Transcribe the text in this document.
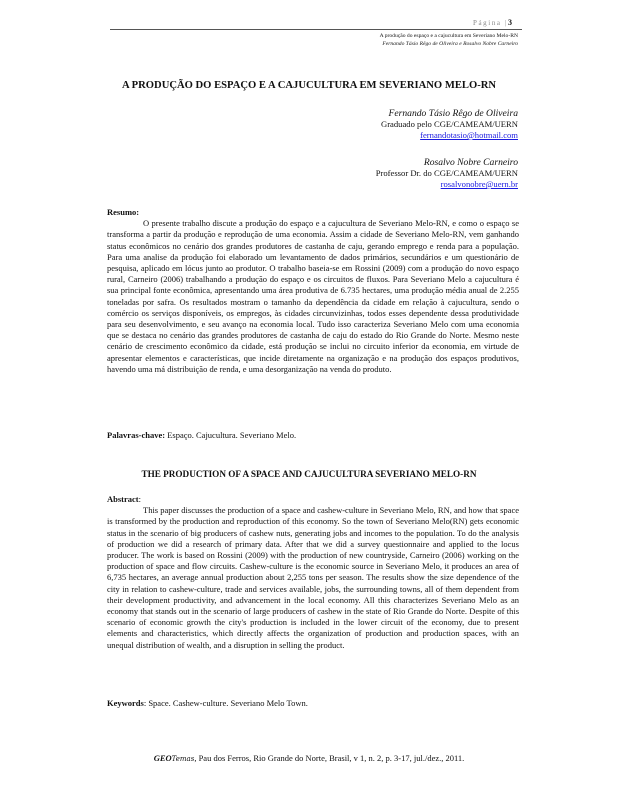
Página |3
A produção do espaço e a cajucultura em Severiano Melo-RN
Fernando Tásio Rêgo de Oliveira e Rosalvo Nobre Carneiro
A PRODUÇÃO DO ESPAÇO E A CAJUCULTURA EM SEVERIANO MELO-RN
Fernando Tásio Rêgo de Oliveira
Graduado pelo CGE/CAMEAM/UERN
fernandotasio@hotmail.com
Rosalvo Nobre Carneiro
Professor Dr. do CGE/CAMEAM/UERN
rosalvonobre@uern.br
Resumo:
O presente trabalho discute a produção do espaço e a cajucultura de Severiano Melo-RN, e como o espaço se transforma a partir da produção e reprodução de uma economia. Assim a cidade de Severiano Melo-RN, vem ganhando status econômicos no cenário dos grandes produtores de castanha de caju, gerando emprego e renda para a população. Para uma analise da produção foi elaborado um levantamento de dados primários, secundários e um questionário de pesquisa, aplicado em lócus junto ao produtor. O trabalho baseia-se em Rossini (2009) com a produção do novo espaço rural, Carneiro (2006) trabalhando a produção do espaço e os circuitos de fluxos. Para Severiano Melo a cajucultura é sua principal fonte econômica, apresentando uma área produtiva de 6.735 hectares, uma produção média anual de 2.255 toneladas por safra. Os resultados mostram o tamanho da dependência da cidade em relação à cajucultura, sendo o comércio os serviços disponíveis, os empregos, às cidades circunvizinhas, todos esses dependente dessa produtividade para seu desenvolvimento, e seu avanço na economia local. Tudo isso caracteriza Severiano Melo com uma economia que se destaca no cenário das grandes produtores de castanha de caju do estado do Rio Grande do Norte. Mesmo neste cenário de crescimento econômico da cidade, está produção se inclui no circuito inferior da economia, em virtude de apresentar elementos e características, que incide diretamente na organização e na produção dos espaços produtivos, havendo uma má distribuição de renda, e uma desorganização na venda do produto.
Palavras-chave: Espaço. Cajucultura. Severiano Melo.
THE PRODUCTION OF A SPACE AND CAJUCULTURA SEVERIANO MELO-RN
Abstract:
This paper discusses the production of a space and cashew-culture in Severiano Melo, RN, and how that space is transformed by the production and reproduction of this economy. So the town of Severiano Melo(RN) gets economic status in the scenario of big producers of cashew nuts, generating jobs and incomes to the population. To do the analysis of production we did a research of primary data. After that we did a survey questionnaire and applied to the locus producer. The work is based on Rossini (2009) with the production of new countryside, Carneiro (2006) working on the production of space and flow circuits. Cashew-culture is the economic source in Severiano Melo, it produces an area of 6,735 hectares, an average annual production about 2,255 tons per season. The results show the size dependence of the city in relation to cashew-culture, trade and services available, jobs, the surrounding towns, all of them dependent from their development productivity, and advancement in the local economy. All this characterizes Severiano Melo as an economy that stands out in the scenario of large producers of cashew in the state of Rio Grande do Norte. Despite of this scenario of economic growth the city's production is included in the lower circuit of the economy, due to present elements and characteristics, which directly affects the organization of production and production spaces, with an unequal distribution of wealth, and a disruption in selling the product.
Keywords: Space. Cashew-culture. Severiano Melo Town.
GEOTemas, Pau dos Ferros, Rio Grande do Norte, Brasil, v 1, n. 2, p. 3-17, jul./dez., 2011.
